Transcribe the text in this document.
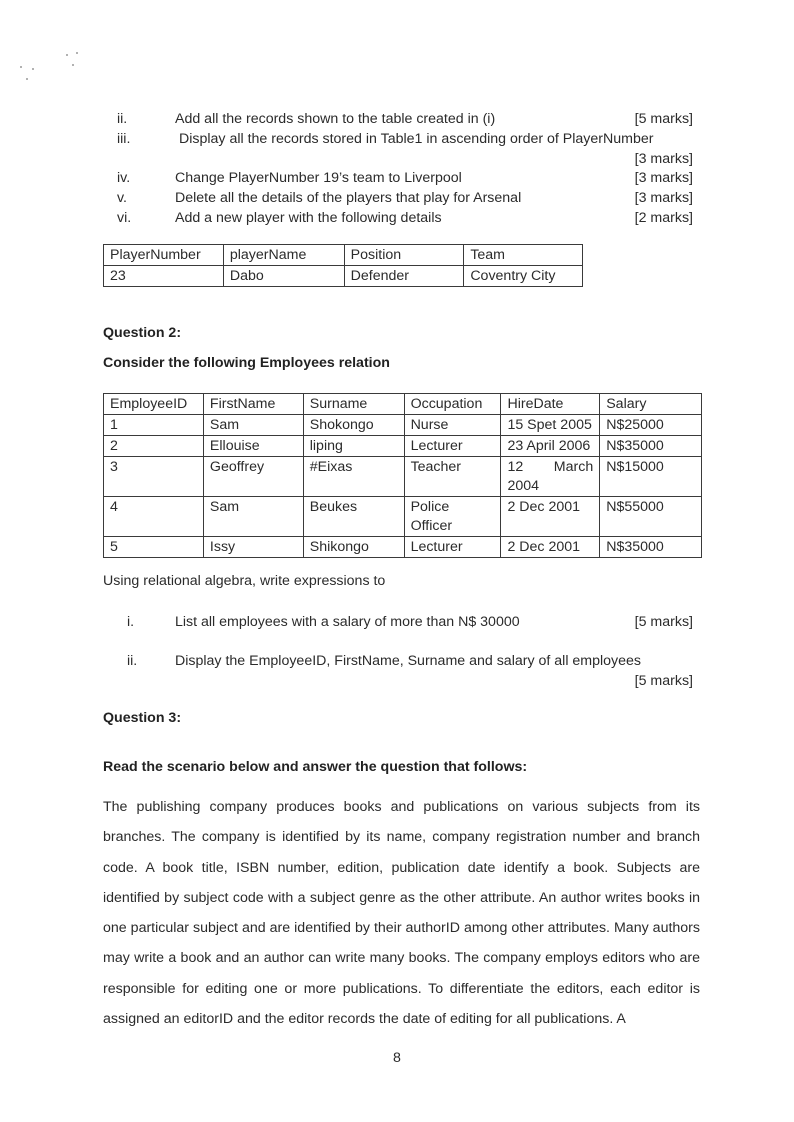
ii.	Add all the records shown to the table created in (i)	[5 marks]
iii.	Display all the records stored in Table1 in ascending order of PlayerNumber
[3 marks]
iv.	Change PlayerNumber 19’s team to Liverpool	[3 marks]
v.	Delete all the details of the players that play for Arsenal	[3 marks]
vi.	Add a new player with the following details	[2 marks]
PlayerNumber	playerName	Position	Team
23	Dabo	Defender	Coventry City
Question 2:
Consider the following Employees relation
EmployeeID	FirstName	Surname	Occupation	HireDate	Salary
1	Sam	Shokongo	Nurse	15 Spet 2005	N$25000
2	Ellouise	liping	Lecturer	23 April 2006	N$35000
3	Geoffrey	#Eixas	Teacher	12 March 2004	N$15000
4	Sam	Beukes	Police Officer	2 Dec 2001	N$55000
5	Issy	Shikongo	Lecturer	2 Dec 2001	N$35000
Using relational algebra, write expressions to
i.	List all employees with a salary of more than N$ 30000	[5 marks]
ii.	Display the EmployeeID, FirstName, Surname and salary of all employees
[5 marks]
Question 3:
Read the scenario below and answer the question that follows:
The publishing company produces books and publications on various subjects from its branches. The company is identified by its name, company registration number and branch code. A book title, ISBN number, edition, publication date identify a book. Subjects are identified by subject code with a subject genre as the other attribute. An author writes books in one particular subject and are identified by their authorID among other attributes. Many authors may write a book and an author can write many books. The company employs editors who are responsible for editing one or more publications. To differentiate the editors, each editor is assigned an editorID and the editor records the date of editing for all publications. A
8
